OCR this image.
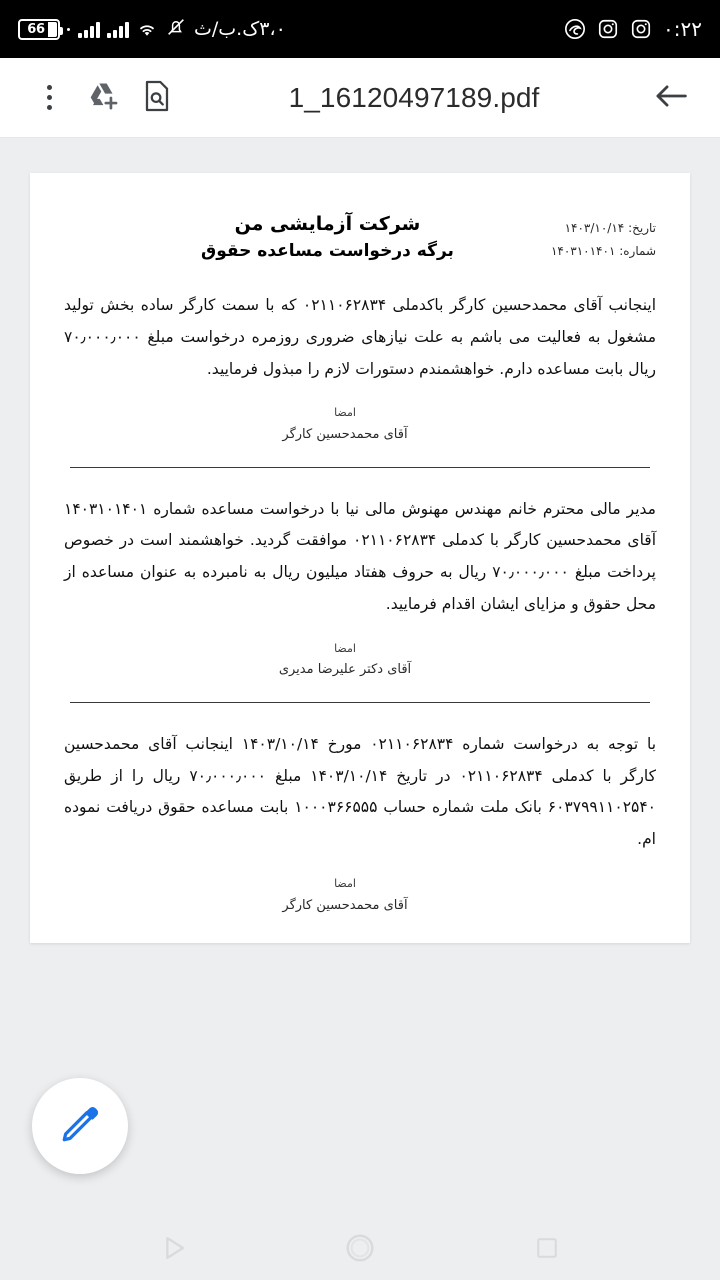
66	۳،۰ک.ب/ث	۰:۲۲
1_16120497189.pdf
تاریخ: ۱۴۰۳/۱۰/۱۴
شماره: ۱۴۰۳۱۰۱۴۰۱
شرکت آزمایشی من
برگه درخواست مساعده حقوق
اینجانب آقای محمدحسین کارگر باکدملی ۰۲۱۱۰۶۲۸۳۴ که با سمت کارگر ساده بخش تولید مشغول به فعالیت می باشم به علت نیازهای ضروری روزمره درخواست مبلغ ۷۰٫۰۰۰٫۰۰۰ ریال بابت مساعده دارم. خواهشمندم دستورات لازم را مبذول فرمایید.
امضا
آقای محمدحسین کارگر
مدیر مالی محترم خانم مهندس مهنوش مالی نیا با درخواست مساعده شماره ۱۴۰۳۱۰۱۴۰۱ آقای محمدحسین کارگر با کدملی ۰۲۱۱۰۶۲۸۳۴ موافقت گردید. خواهشمند است در خصوص پرداخت مبلغ ۷۰٫۰۰۰٫۰۰۰ ریال به حروف هفتاد میلیون ریال به نامبرده به عنوان مساعده از محل حقوق و مزایای ایشان اقدام فرمایید.
امضا
آقای دکتر علیرضا مدیری
با توجه به درخواست شماره ۰۲۱۱۰۶۲۸۳۴ مورخ ۱۴۰۳/۱۰/۱۴ اینجانب آقای محمدحسین کارگر با کدملی ۰۲۱۱۰۶۲۸۳۴ در تاریخ ۱۴۰۳/۱۰/۱۴ مبلغ ۷۰٫۰۰۰٫۰۰۰ ریال را از طریق ۶۰۳۷۹۹۱۱۰۲۵۴۰ بانک ملت شماره حساب ۱۰۰۰۳۶۶۵۵۵ بابت مساعده حقوق دریافت نموده ام.
امضا
آقای محمدحسین کارگر
